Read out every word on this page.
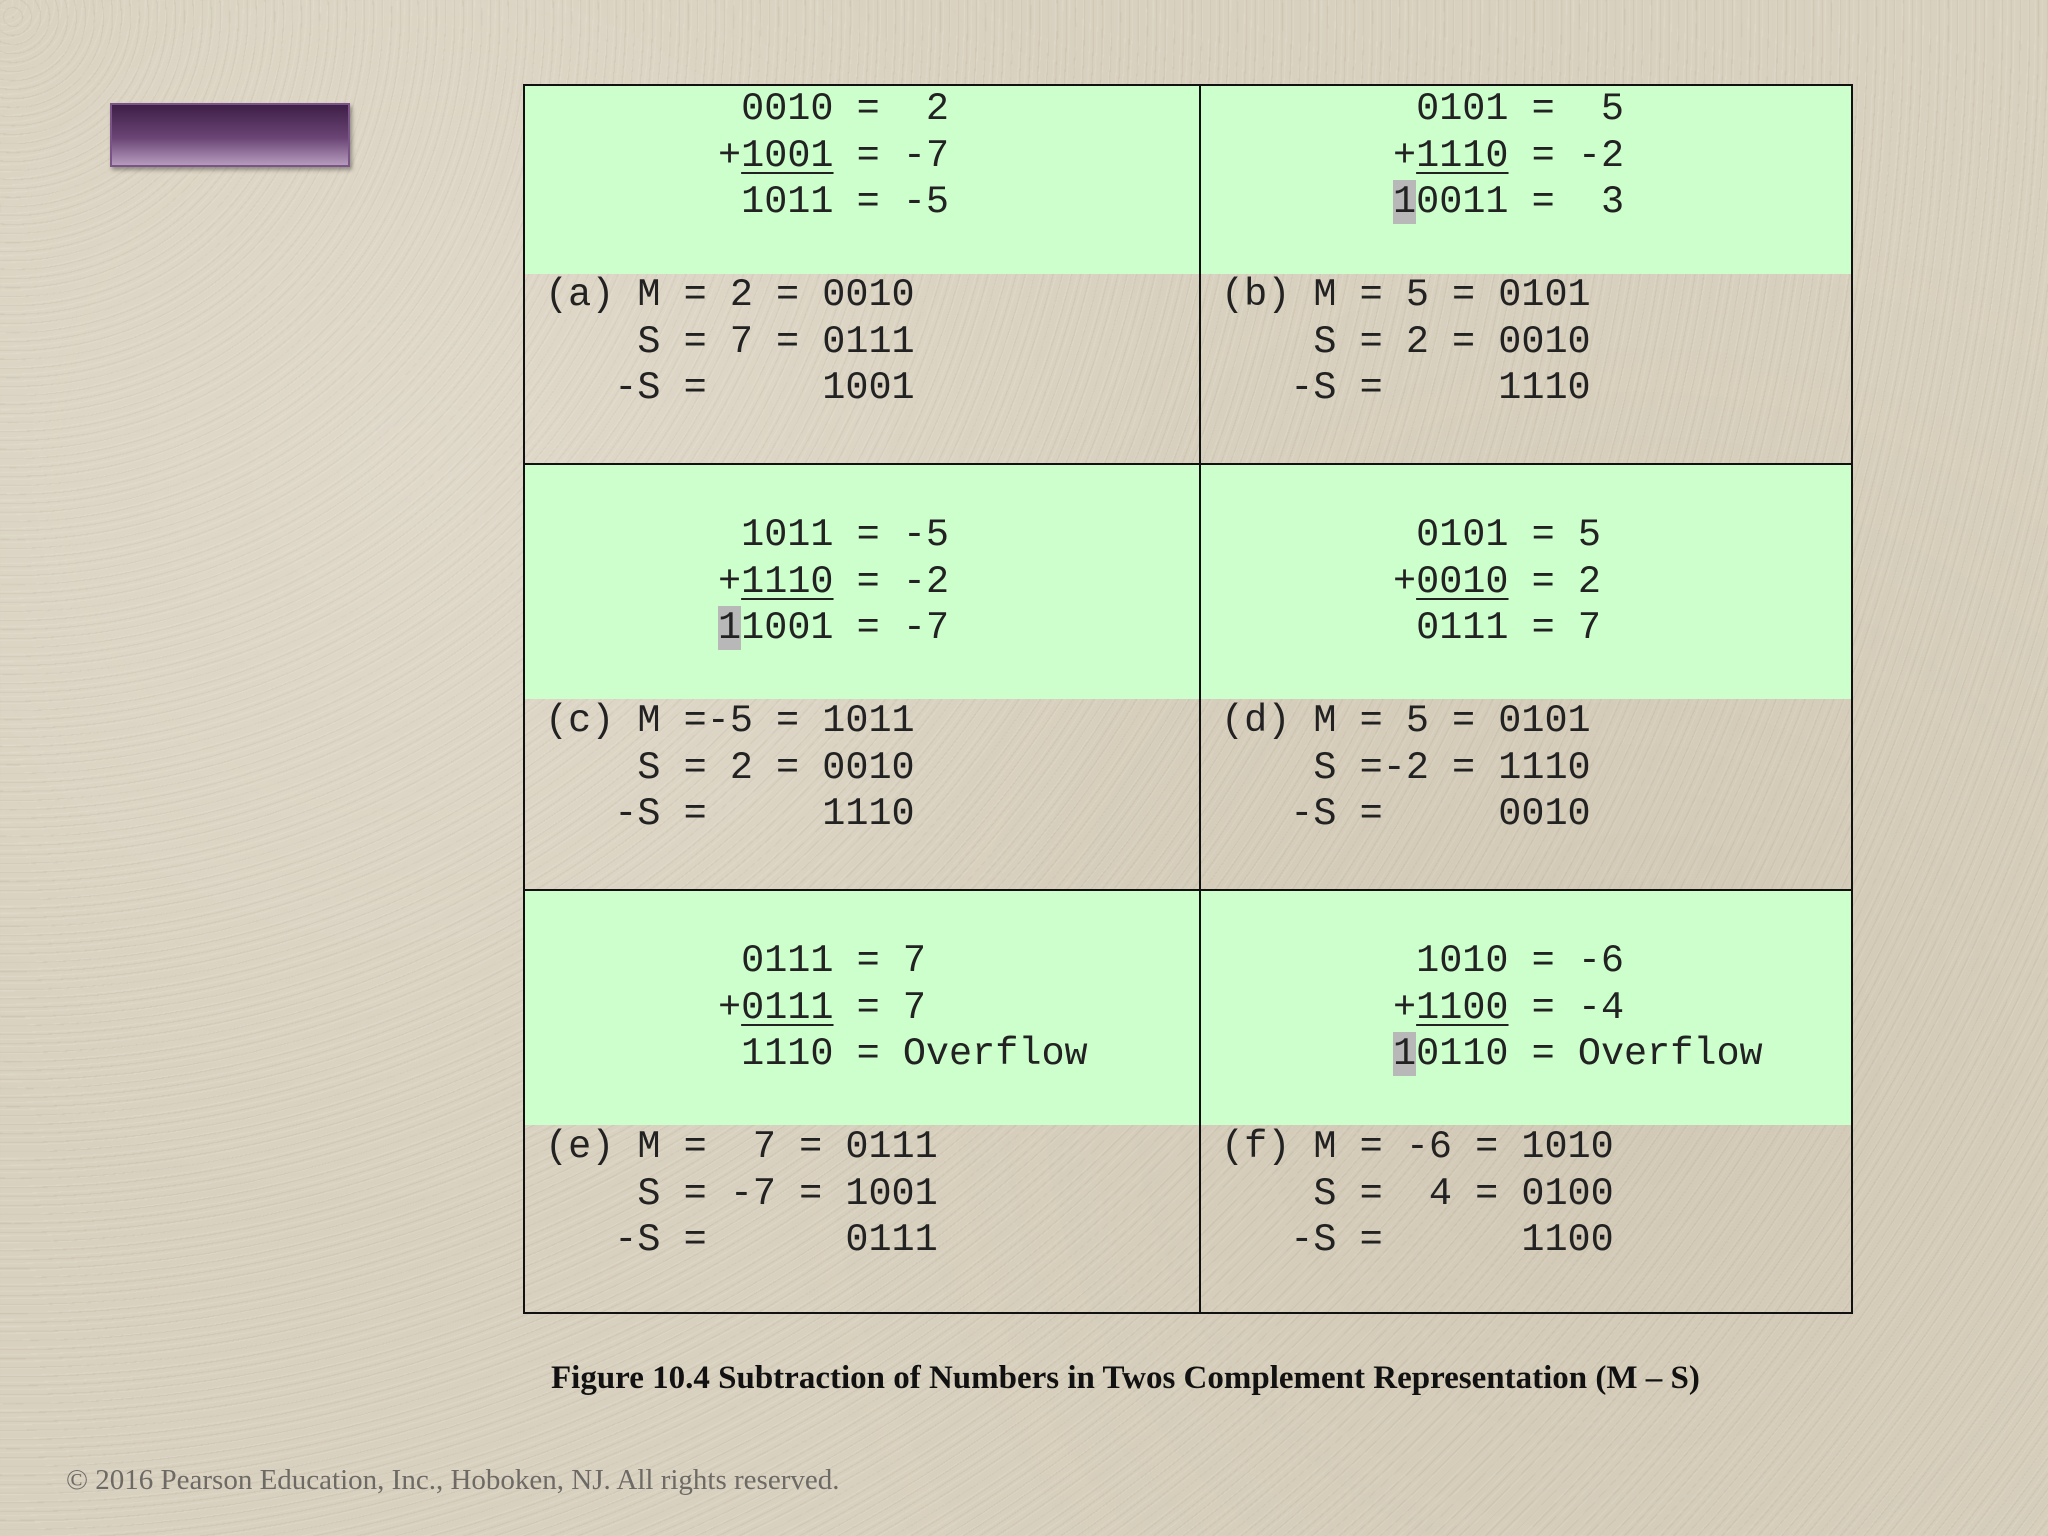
0010 =  2
+1001 = -7
1011 = -5
(a) M = 2 = 0010
S = 7 = 0111
-S =     1001
0101 =  5
+1110 = -2
10011 =  3
(b) M = 5 = 0101
S = 2 = 0010
-S =     1110
1011 = -5
+1110 = -2
11001 = -7
(c) M =-5 = 1011
S = 2 = 0010
-S =     1110
0101 = 5
+0010 = 2
0111 = 7
(d) M = 5 = 0101
S =-2 = 1110
-S =     0010
0111 = 7
+0111 = 7
1110 = Overflow
(e) M =  7 = 0111
S = -7 = 1001
-S =      0111
1010 = -6
+1100 = -4
10110 = Overflow
(f) M = -6 = 1010
S =  4 = 0100
-S =      1100
Figure 10.4 Subtraction of Numbers in Twos Complement Representation (M – S)
© 2016 Pearson Education, Inc., Hoboken, NJ. All rights reserved.
